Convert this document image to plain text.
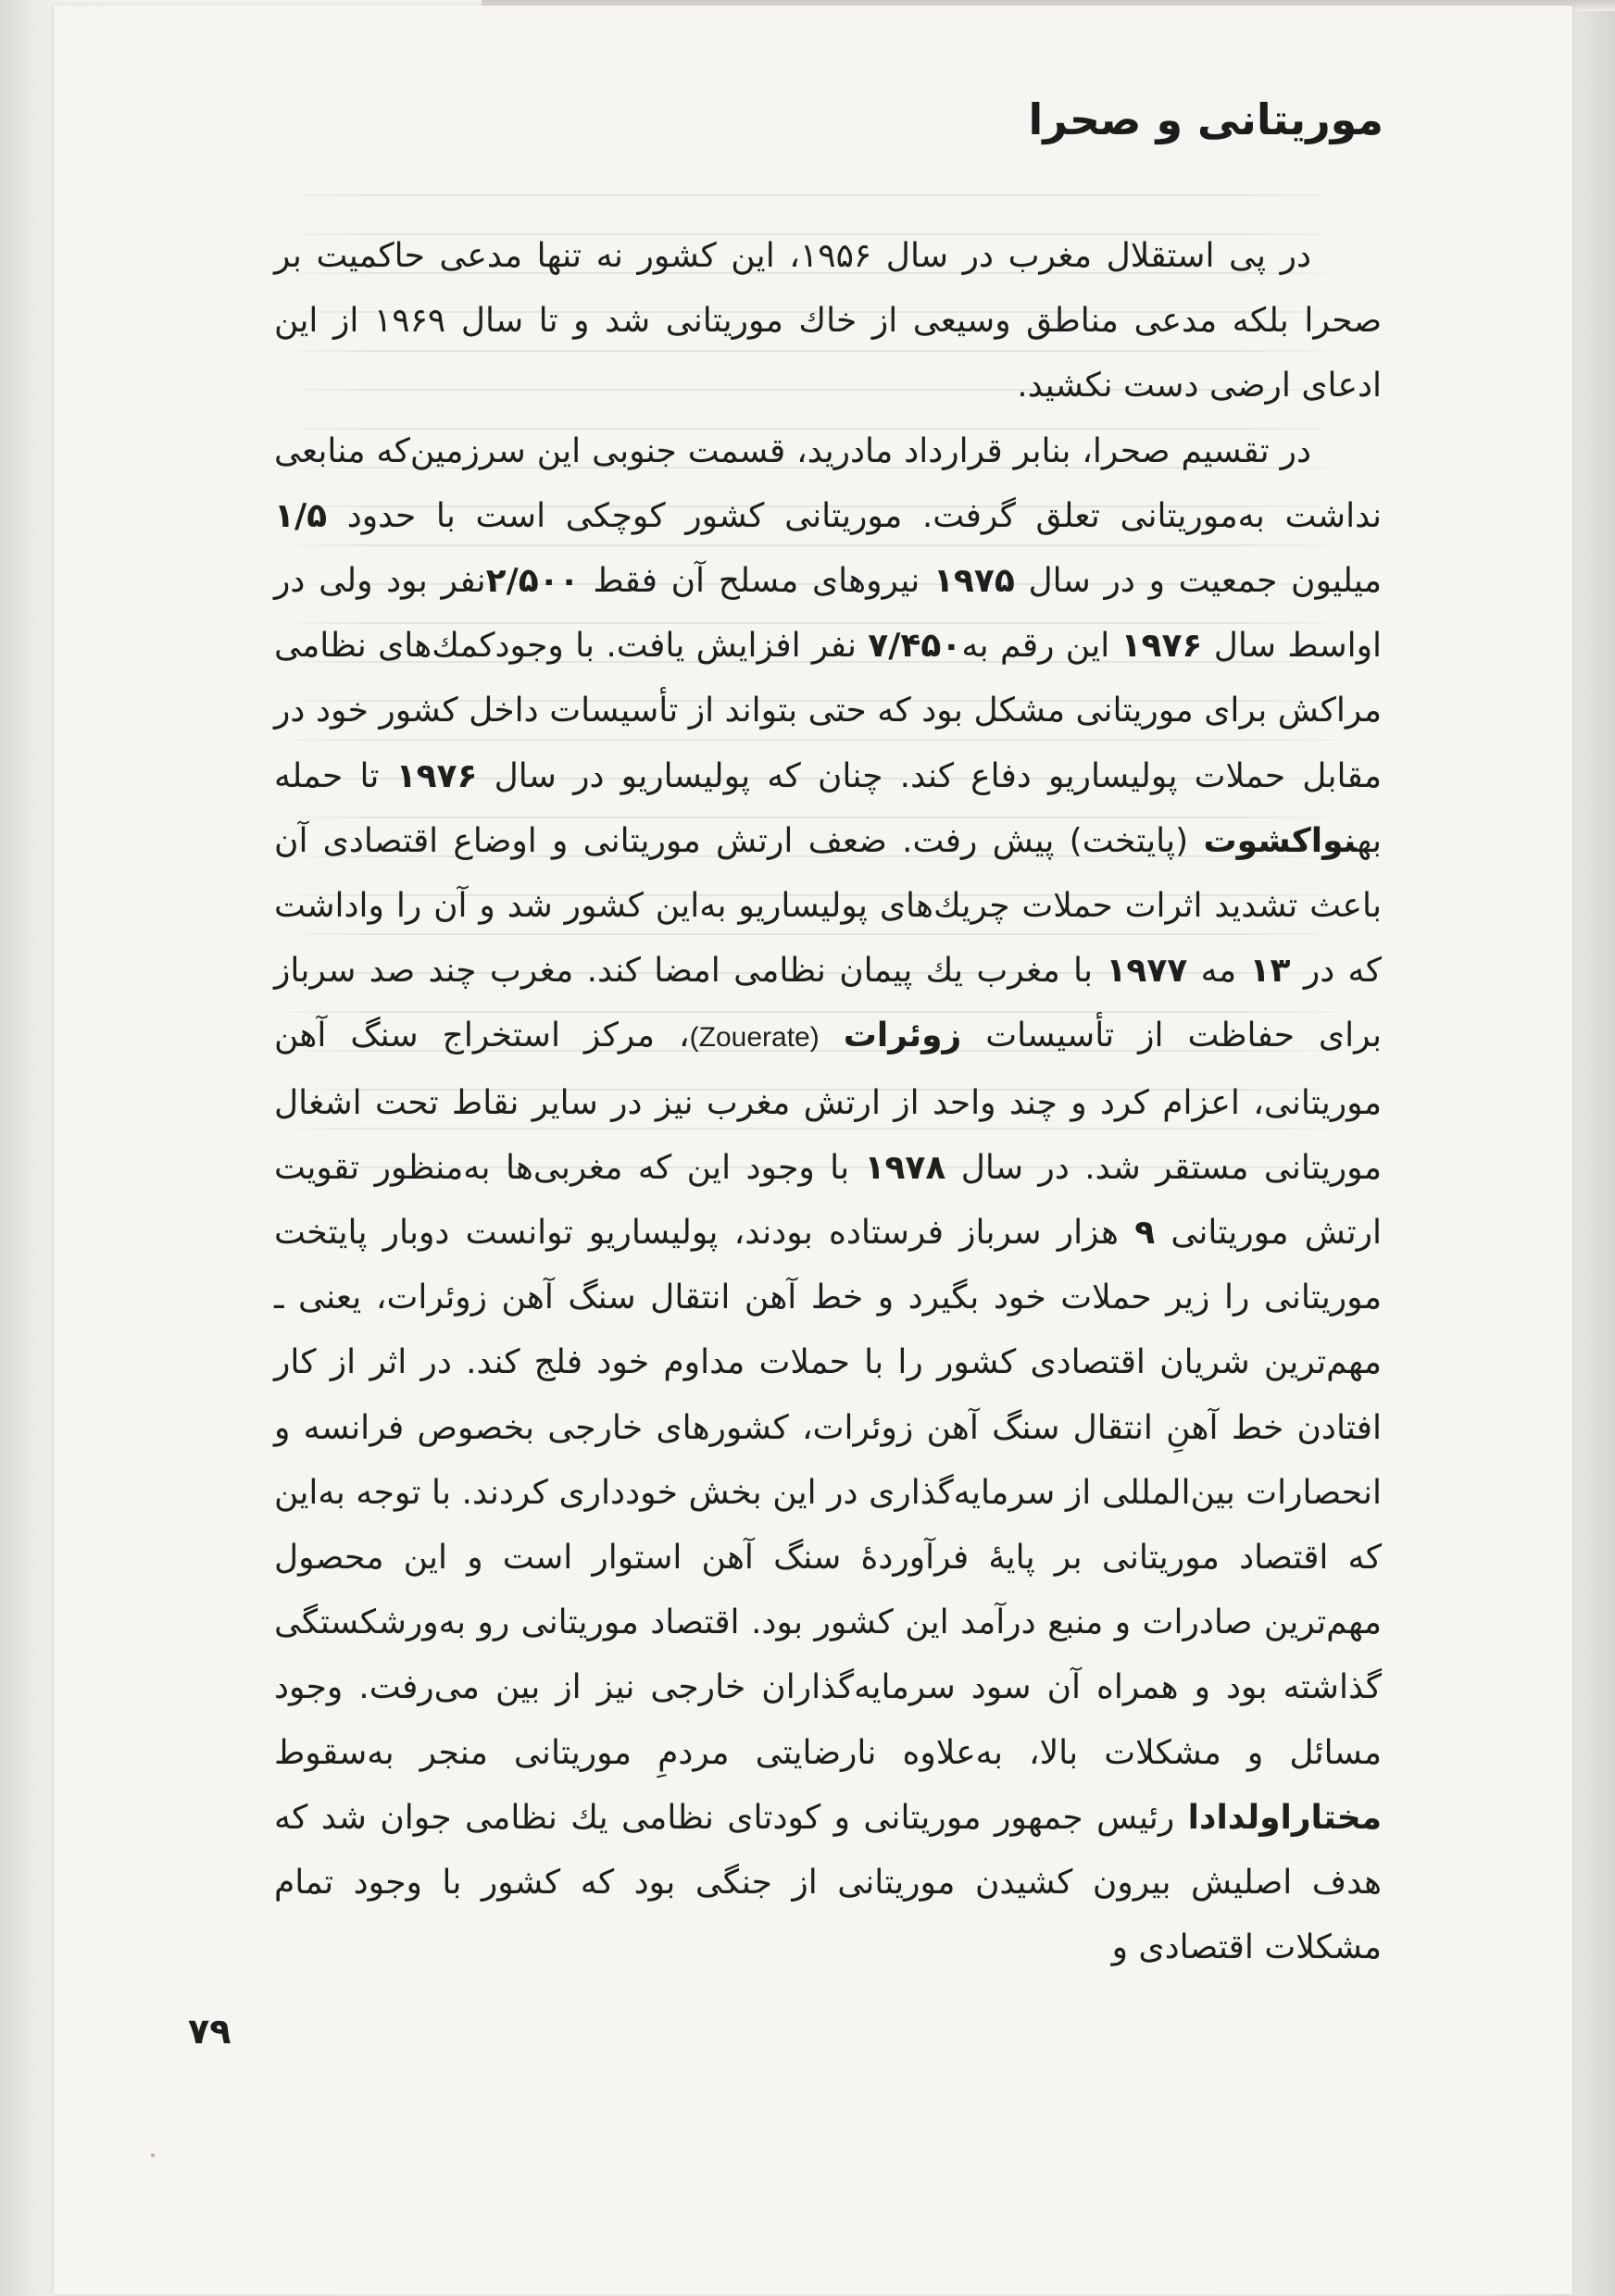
موریتانی و صحرا

در پی استقلال مغرب در سال ۱۹۵۶، این کشور نه تنها مدعی حاکمیت بر صحرا بلکه مدعی مناطق وسیعی از خاك موریتانی شد و تا سال ۱۹۶۹ از این ادعای ارضی دست نکشید.

در تقسیم صحرا، بنابر قرارداد مادرید، قسمت جنوبی این سرزمین‌که منابعی نداشت به‌موریتانی تعلق گرفت. موریتانی کشور کوچکی است با حدود ۱/۵ میلیون جمعیت و در سال ۱۹۷۵ نیروهای مسلح آن فقط ۲/۵۰۰نفر بود ولی در اواسط سال ۱۹۷۶ این رقم به۷/۴۵۰ نفر افزایش یافت. با وجودکمك‌های نظامی مراکش برای موریتانی مشکل بود که حتی بتواند از تأسیسات داخل کشور خود در مقابل حملات پولیساریو دفاع کند. چنان که پولیساریو در سال ۱۹۷۶ تا حمله بهنواکشوت (پایتخت) پیش رفت. ضعف ارتش موریتانی و اوضاع اقتصادی آن باعث تشدید اثرات حملات چریك‌های پولیساریو به‌این کشور شد و آن را واداشت که در ۱۳ مه ۱۹۷۷ با مغرب یك پیمان نظامی امضا کند. مغرب چند صد سرباز برای حفاظت از تأسیسات زوئرات (Zouerate)، مرکز استخراج سنگ آهن موریتانی، اعزام کرد و چند واحد از ارتش مغرب نیز در سایر نقاط تحت اشغال موریتانی مستقر شد. در سال ۱۹۷۸ با وجود این که مغربی‌ها به‌منظور تقویت ارتش موریتانی ۹ هزار سرباز فرستاده بودند، پولیساریو توانست دوبار پایتخت موریتانی را زیر حملات خود بگیرد و خط آهن انتقال سنگ آهن زوئرات، یعنی ـ مهم‌ترین شریان اقتصادی کشور را با حملات مداوم خود فلج کند. در اثر از کار افتادن خط آهنِ انتقال سنگ آهن زوئرات، کشورهای خارجی بخصوص فرانسه و انحصارات بین‌المللی از سرمایه‌گذاری در این بخش خودداری کردند. با توجه به‌این که اقتصاد موریتانی بر پایهٔ فرآوردهٔ سنگ آهن استوار است و این محصول مهم‌ترین صادرات و منبع درآمد این کشور بود. اقتصاد موریتانی رو به‌ورشکستگی گذاشته بود و همراه آن سود سرمایه‌گذاران خارجی نیز از بین می‌رفت. وجود مسائل و مشکلات بالا، به‌علاوه نارضایتی مردمِ موریتانی منجر به‌سقوط مختاراولدادا رئیس جمهور موریتانی و کودتای نظامی یك نظامی جوان شد که هدف اصلیش بیرون کشیدن موریتانی از جنگی بود که کشور با وجود تمام مشکلات اقتصادی و

۷۹
